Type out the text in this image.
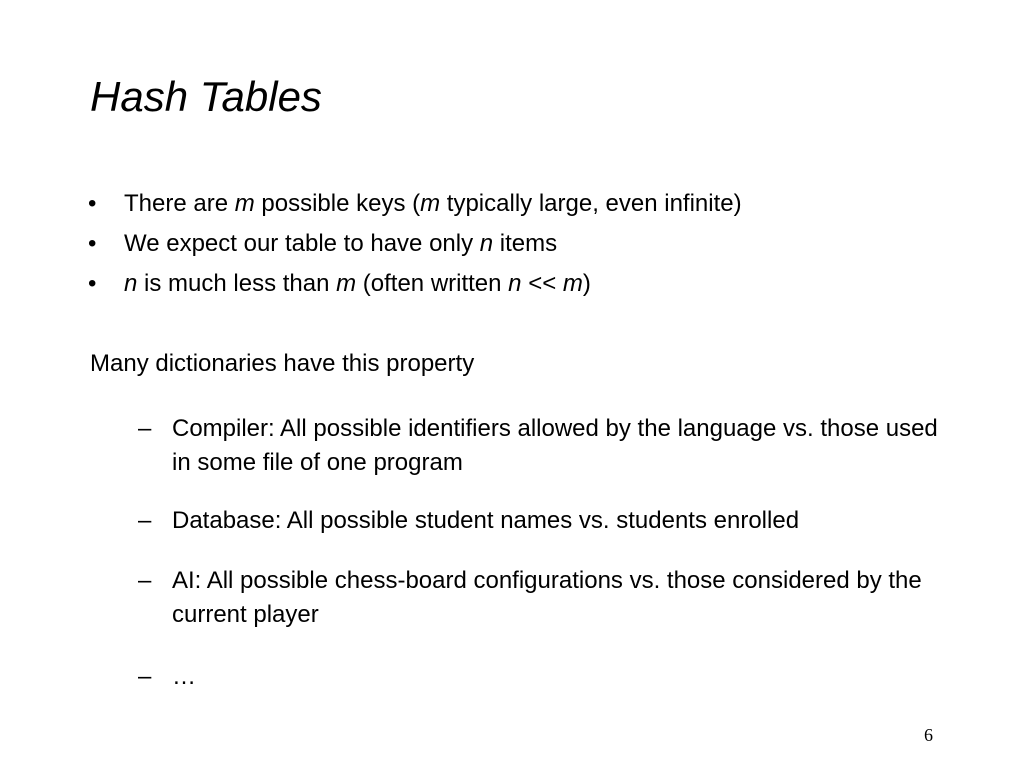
Hash Tables
• There are m possible keys (m typically large, even infinite)
• We expect our table to have only n items
• n is much less than m (often written n << m)

Many dictionaries have this property

– Compiler: All possible identifiers allowed by the language vs. those used in some file of one program
– Database: All possible student names vs. students enrolled
– AI: All possible chess-board configurations vs. those considered by the current player
– …
6
